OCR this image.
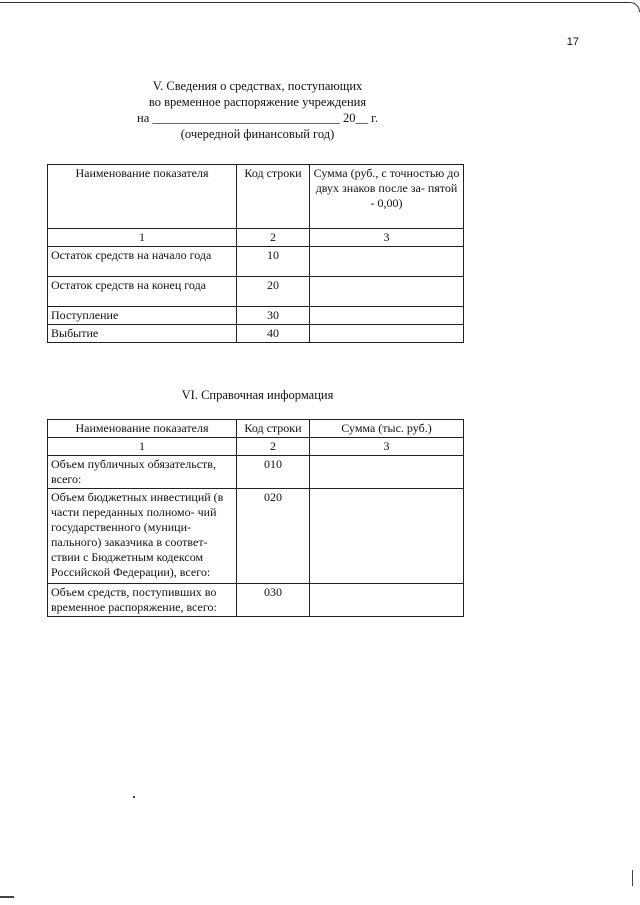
17
V. Сведения о средствах, поступающих
во временное распоряжение учреждения
на ______________________________ 20__ г.
(очередной финансовый год)
Наименование показателя	Код строки	Сумма (руб., с точностью до двух знаков после за- пятой - 0,00)
1	2	3
Остаток средств на начало года	10	
Остаток средств на конец года	20	
Поступление	30	
Выбытие	40	
VI. Справочная информация
Наименование показателя	Код строки	Сумма (тыс. руб.)
1	2	3
Объем публичных обязательств, всего:	010	
Объем бюджетных инвестиций (в части переданных полномо- чий государственного (муници- пального) заказчика в соответ- ствии с Бюджетным кодексом Российской Федерации), всего:	020	
Объем средств, поступивших во временное распоряжение, всего:	030	
